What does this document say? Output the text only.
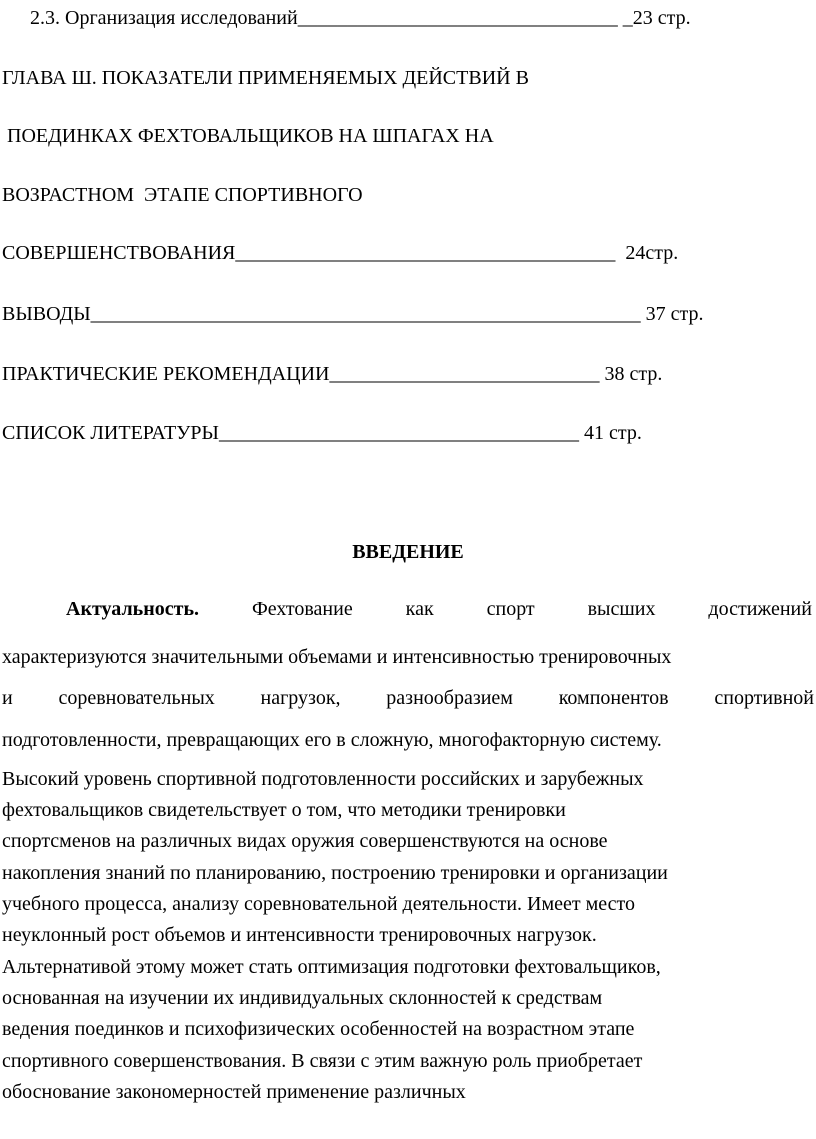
2.3. Организация исследований________________________________ _23 стр.
ГЛАВА Ш. ПОКАЗАТЕЛИ ПРИМЕНЯЕМЫХ ДЕЙСТВИЙ В
ПОЕДИНКАХ ФЕХТОВАЛЬЩИКОВ НА ШПАГАХ НА
ВОЗРАСТНОМ  ЭТАПЕ СПОРТИВНОГО
СОВЕРШЕНСТВОВАНИЯ______________________________________  24стр.
ВЫВОДЫ_______________________________________________________ 37 стр.
ПРАКТИЧЕСКИЕ РЕКОМЕНДАЦИИ___________________________ 38 стр.
СПИСОК ЛИТЕРАТУРЫ____________________________________ 41 стр.
ВВЕДЕНИЕ
Актуальность.	Фехтование	как	спорт	высших	достижений
характеризуются значительными объемами и интенсивностью тренировочных
и соревновательных нагрузок, разнообразием компонентов спортивной
подготовленности, превращающих его в сложную, многофакторную систему.
Высокий уровень спортивной подготовленности российских и зарубежных
фехтовальщиков свидетельствует о том, что методики тренировки
спортсменов на различных видах оружия совершенствуются на основе
накопления знаний по планированию, построению тренировки и организации
учебного процесса, анализу соревновательной деятельности. Имеет место
неуклонный рост объемов и интенсивности тренировочных нагрузок.
Альтернативой этому может стать оптимизация подготовки фехтовальщиков,
основанная на изучении их индивидуальных склонностей к средствам
ведения поединков и психофизических особенностей на возрастном этапе
спортивного совершенствования. В связи с этим важную роль приобретает
обоснование закономерностей применение различных
